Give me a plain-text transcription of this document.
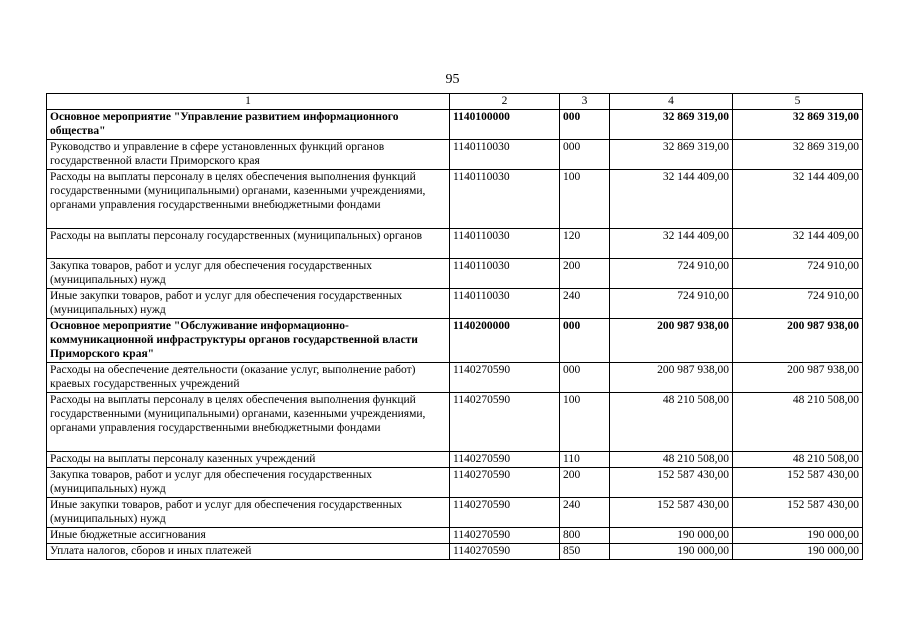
95
1	2	3	4	5
Основное мероприятие "Управление развитием информационного общества"	1140100000	000	32 869 319,00	32 869 319,00
Руководство и управление в сфере установленных функций органов государственной власти Приморского края	1140110030	000	32 869 319,00	32 869 319,00
Расходы на выплаты персоналу в целях обеспечения выполнения функций государственными (муниципальными) органами, казенными учреждениями, органами управления государственными внебюджетными фондами	1140110030	100	32 144 409,00	32 144 409,00
Расходы на выплаты персоналу государственных (муниципальных) органов	1140110030	120	32 144 409,00	32 144 409,00
Закупка товаров, работ и услуг для обеспечения государственных (муниципальных) нужд	1140110030	200	724 910,00	724 910,00
Иные закупки товаров, работ и услуг для обеспечения государственных (муниципальных) нужд	1140110030	240	724 910,00	724 910,00
Основное мероприятие "Обслуживание информационно-коммуникационной инфраструктуры органов государственной власти Приморского края"	1140200000	000	200 987 938,00	200 987 938,00
Расходы на обеспечение деятельности (оказание услуг, выполнение работ) краевых государственных учреждений	1140270590	000	200 987 938,00	200 987 938,00
Расходы на выплаты персоналу в целях обеспечения выполнения функций государственными (муниципальными) органами, казенными учреждениями, органами управления государственными внебюджетными фондами	1140270590	100	48 210 508,00	48 210 508,00
Расходы на выплаты персоналу казенных учреждений	1140270590	110	48 210 508,00	48 210 508,00
Закупка товаров, работ и услуг для обеспечения государственных (муниципальных) нужд	1140270590	200	152 587 430,00	152 587 430,00
Иные закупки товаров, работ и услуг для обеспечения государственных (муниципальных) нужд	1140270590	240	152 587 430,00	152 587 430,00
Иные бюджетные ассигнования	1140270590	800	190 000,00	190 000,00
Уплата налогов, сборов и иных платежей	1140270590	850	190 000,00	190 000,00
